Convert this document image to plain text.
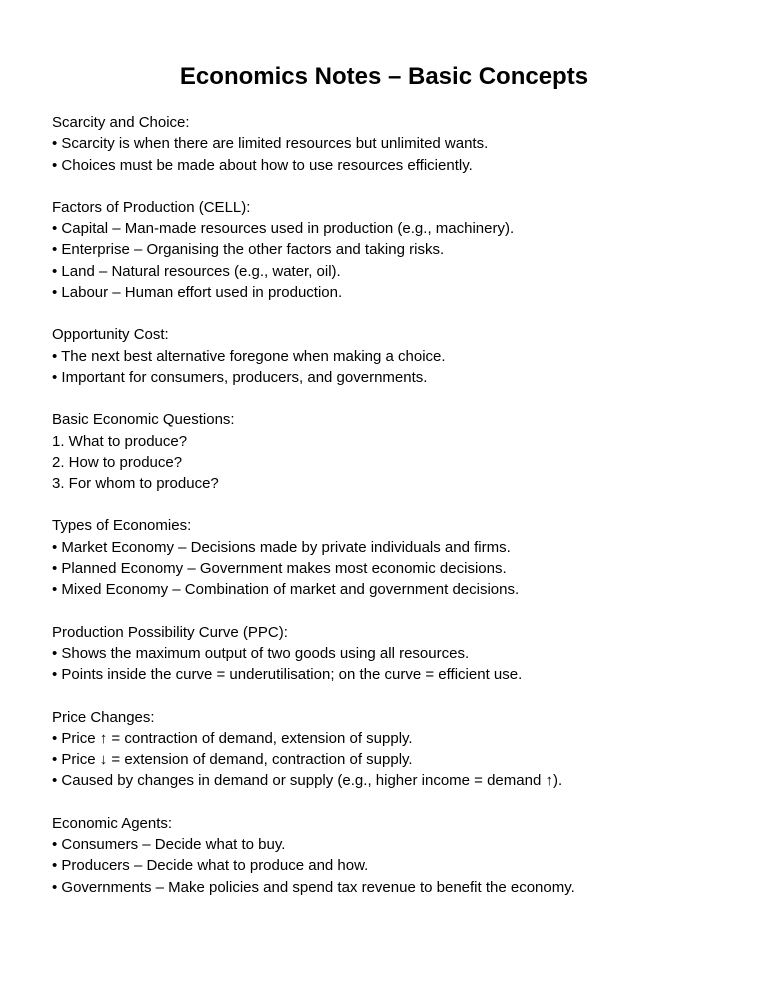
Economics Notes – Basic Concepts
Scarcity and Choice:
• Scarcity is when there are limited resources but unlimited wants.
• Choices must be made about how to use resources efficiently.
Factors of Production (CELL):
• Capital – Man-made resources used in production (e.g., machinery).
• Enterprise – Organising the other factors and taking risks.
• Land – Natural resources (e.g., water, oil).
• Labour – Human effort used in production.
Opportunity Cost:
• The next best alternative foregone when making a choice.
• Important for consumers, producers, and governments.
Basic Economic Questions:
1. What to produce?
2. How to produce?
3. For whom to produce?
Types of Economies:
• Market Economy – Decisions made by private individuals and firms.
• Planned Economy – Government makes most economic decisions.
• Mixed Economy – Combination of market and government decisions.
Production Possibility Curve (PPC):
• Shows the maximum output of two goods using all resources.
• Points inside the curve = underutilisation; on the curve = efficient use.
Price Changes:
• Price ↑ = contraction of demand, extension of supply.
• Price ↓ = extension of demand, contraction of supply.
• Caused by changes in demand or supply (e.g., higher income = demand ↑).
Economic Agents:
• Consumers – Decide what to buy.
• Producers – Decide what to produce and how.
• Governments – Make policies and spend tax revenue to benefit the economy.
